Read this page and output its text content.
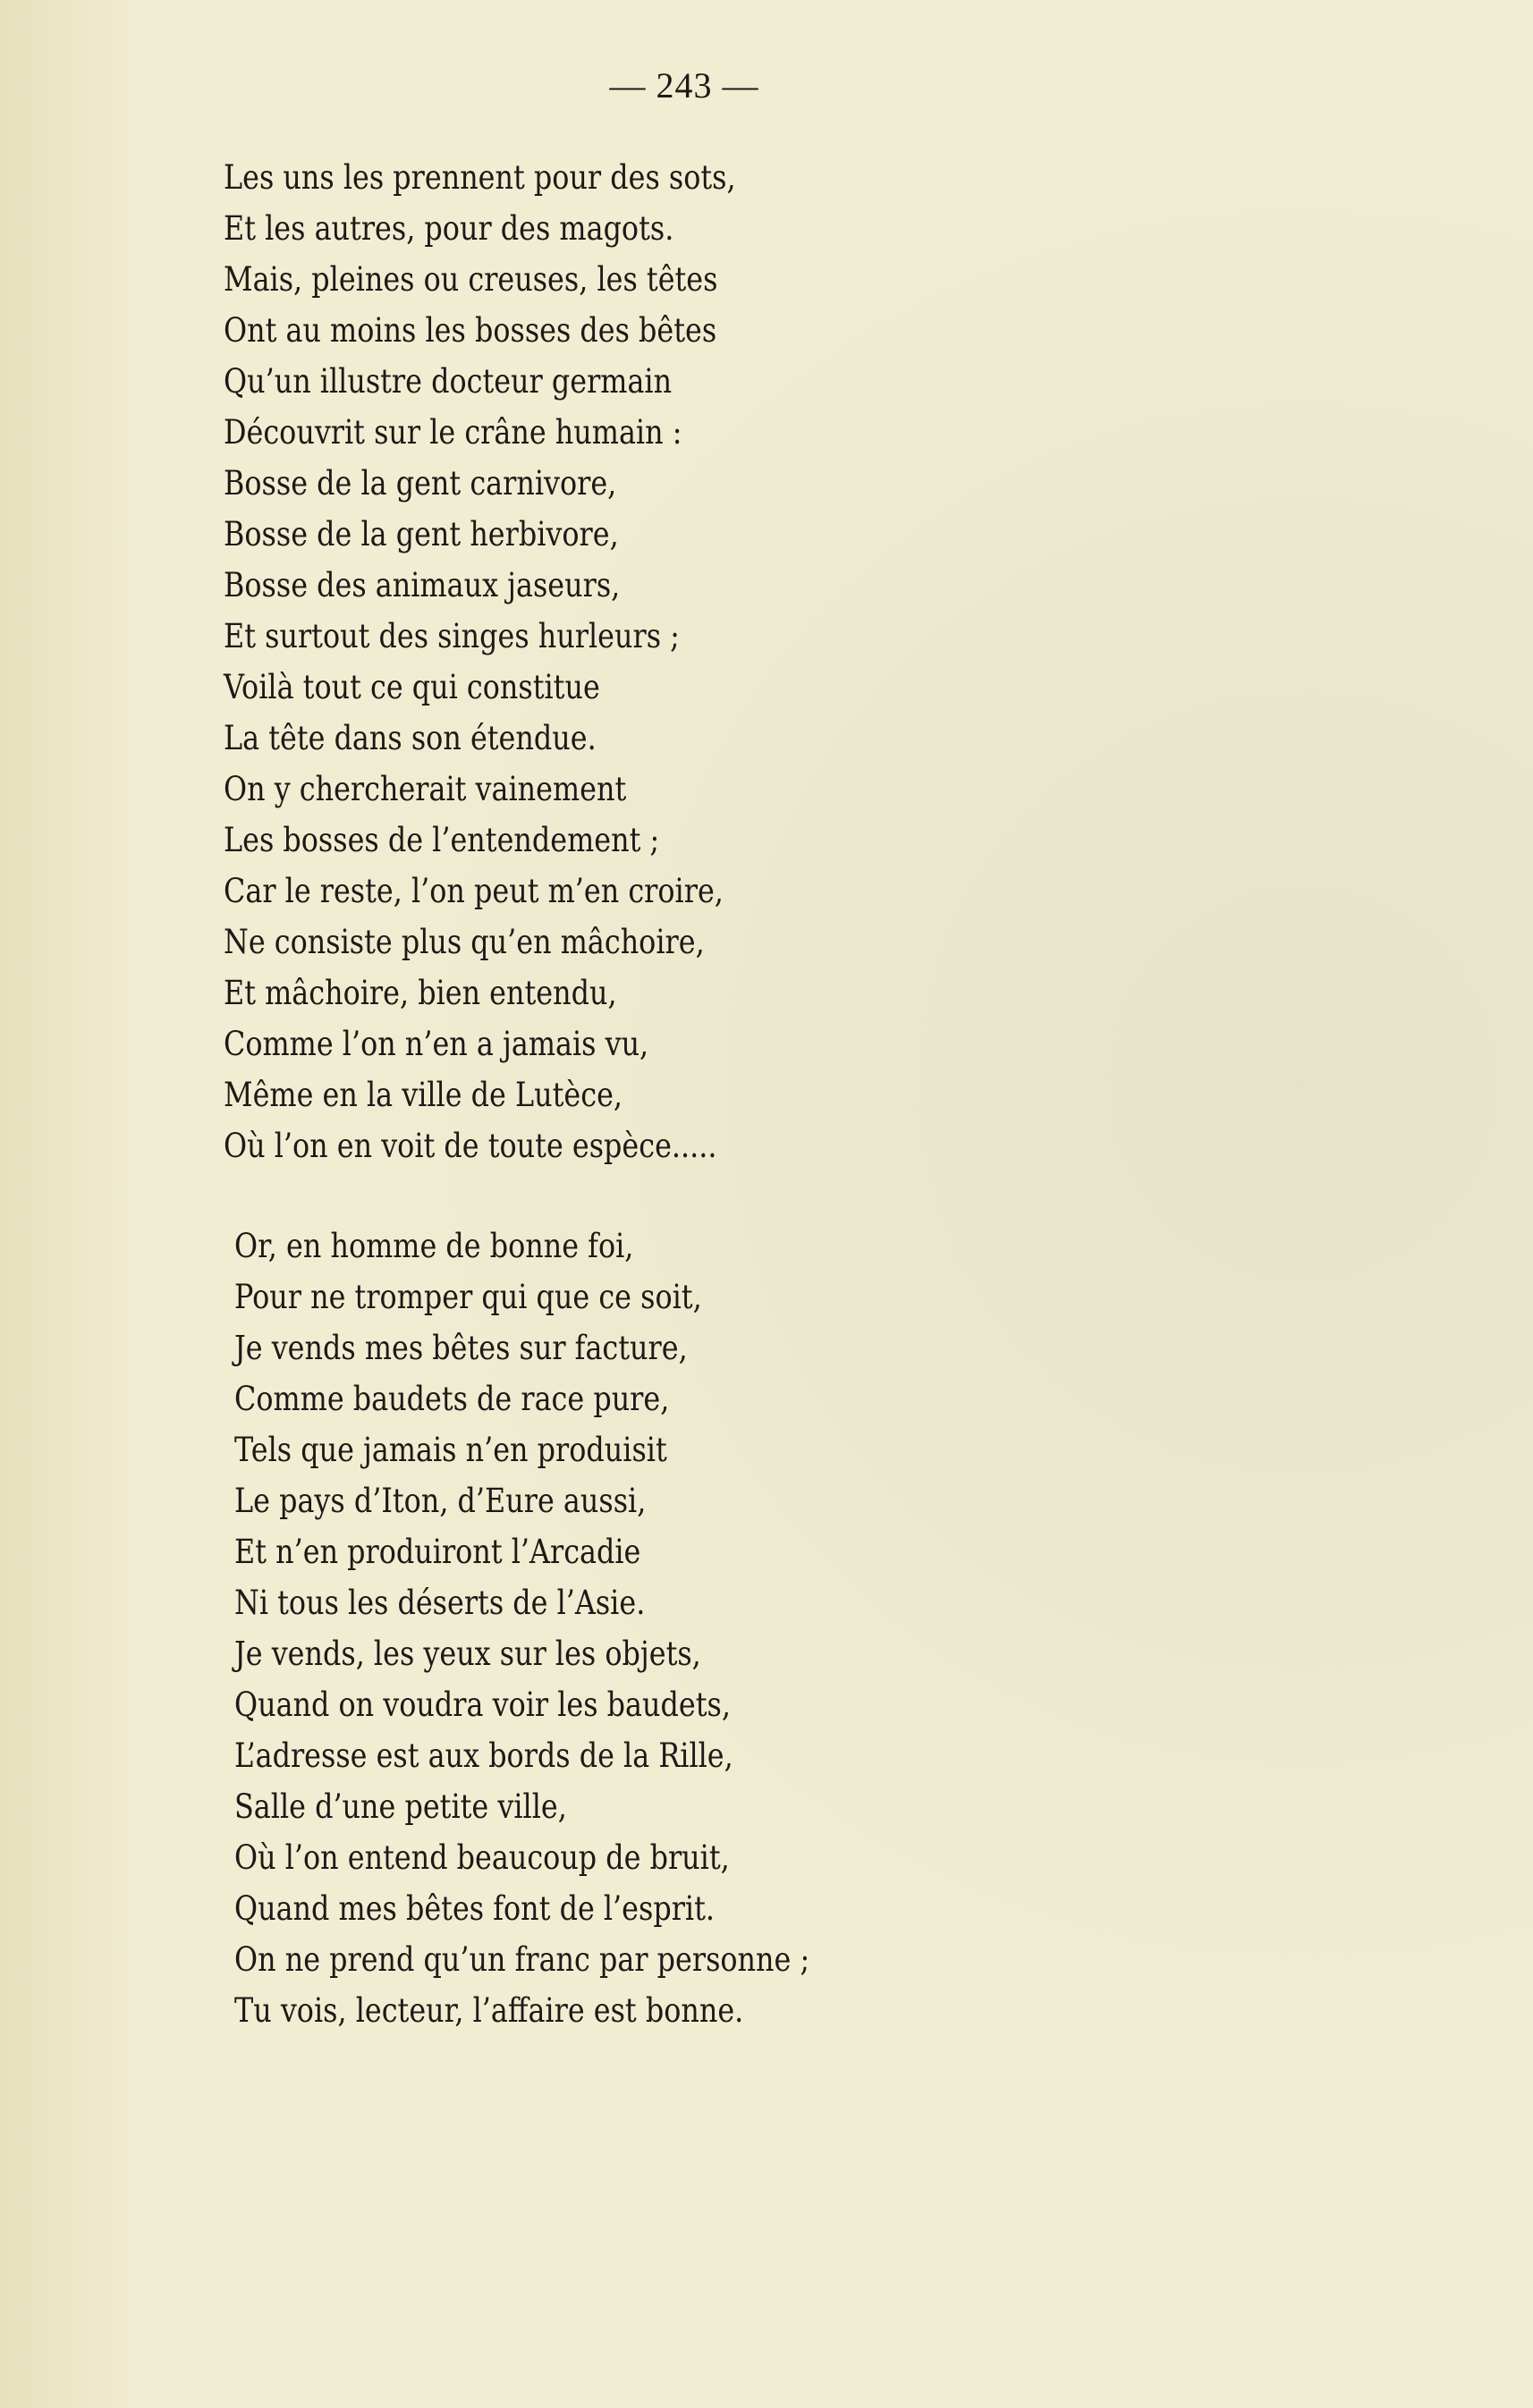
— 243 —
Les uns les prennent pour des sots,
Et les autres, pour des magots.
Mais, pleines ou creuses, les têtes
Ont au moins les bosses des bêtes
Qu’un illustre docteur germain
Découvrit sur le crâne humain :
Bosse de la gent carnivore,
Bosse de la gent herbivore,
Bosse des animaux jaseurs,
Et surtout des singes hurleurs ;
Voilà tout ce qui constitue
La tête dans son étendue.
On y chercherait vainement
Les bosses de l’entendement ;
Car le reste, l’on peut m’en croire,
Ne consiste plus qu’en mâchoire,
Et mâchoire, bien entendu,
Comme l’on n’en a jamais vu,
Même en la ville de Lutèce,
Où l’on en voit de toute espèce.....
Or, en homme de bonne foi,
Pour ne tromper qui que ce soit,
Je vends mes bêtes sur facture,
Comme baudets de race pure,
Tels que jamais n’en produisit
Le pays d’Iton, d’Eure aussi,
Et n’en produiront l’Arcadie
Ni tous les déserts de l’Asie.
Je vends, les yeux sur les objets,
Quand on voudra voir les baudets,
L’adresse est aux bords de la Rille,
Salle d’une petite ville,
Où l’on entend beaucoup de bruit,
Quand mes bêtes font de l’esprit.
On ne prend qu’un franc par personne ;
Tu vois, lecteur, l’affaire est bonne.
